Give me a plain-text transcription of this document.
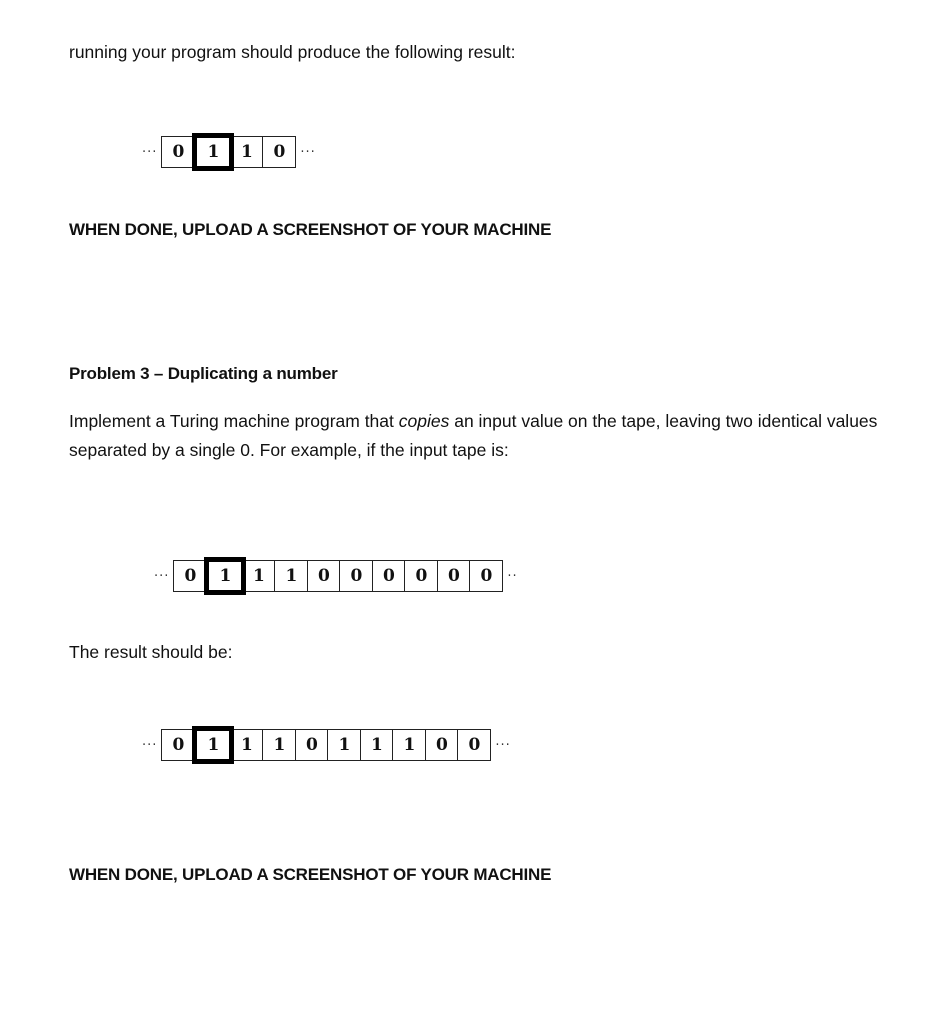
running your program should produce the following result:

··· 0	1	1	0	···

WHEN DONE, UPLOAD A SCREENSHOT OF YOUR MACHINE

Problem 3 – Duplicating a number

Implement a Turing machine program that copies an input value on the tape, leaving two identical values separated by a single 0. For example, if the input tape is:

··· 0	1	1	1	0	0	0	0	0	0	··

The result should be:

··· 0	1	1	1	0	1	1	1	0	0	···

WHEN DONE, UPLOAD A SCREENSHOT OF YOUR MACHINE
